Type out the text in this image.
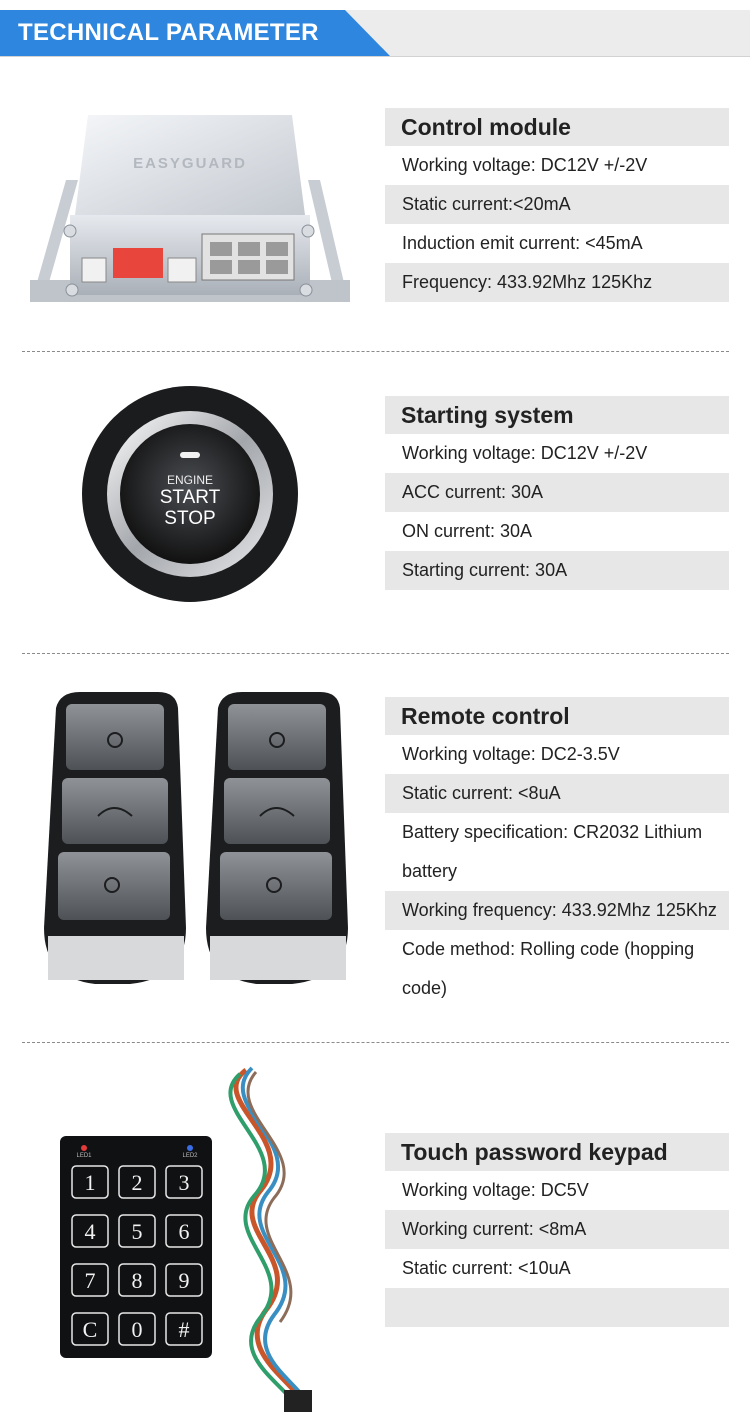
TECHNICAL PARAMETER
EASYGUARD
Control module
Working voltage: DC12V +/-2V
Static current:<20mA
Induction emit current: <45mA
Frequency: 433.92Mhz 125Khz
ENGINE
START
STOP
Starting system
Working voltage: DC12V +/-2V
ACC current: 30A
ON current: 30A
Starting current: 30A
Remote control
Working voltage: DC2-3.5V
Static current: <8uA
Battery specification: CR2032 Lithium battery
Working frequency: 433.92Mhz 125Khz
Code method: Rolling code (hopping code)
LED1	LED2
1 2 3
4 5 6
7 8 9
C 0 #
Touch password keypad
Working voltage: DC5V
Working current: <8mA
Static current: <10uA
